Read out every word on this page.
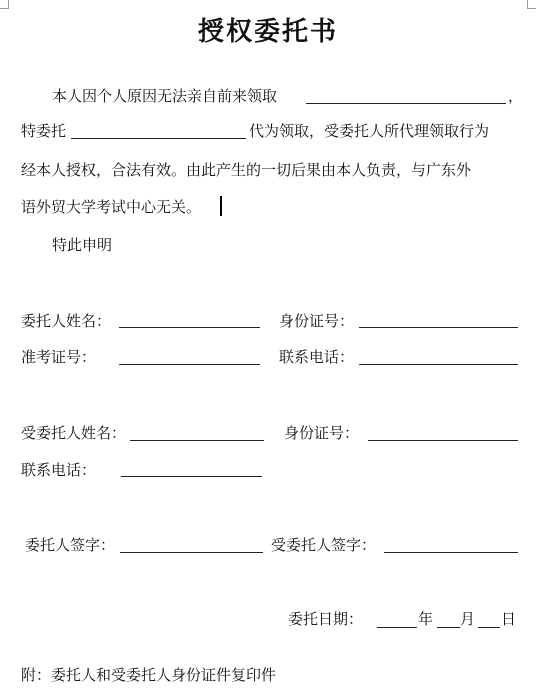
授权委托书
本人因个人原因无法亲自前来领取	，
特委托	代为领取，受委托人所代理领取行为
经本人授权，合法有效。由此产生的一切后果由本人负责，与广东外
语外贸大学考试中心无关。
特此申明
委托人姓名：	身份证号：
准考证号：	联系电话：
受委托人姓名：	身份证号：
联系电话：
委托人签字：	受委托人签字：
委托日期：	年 月 日
附：委托人和受委托人身份证件复印件
